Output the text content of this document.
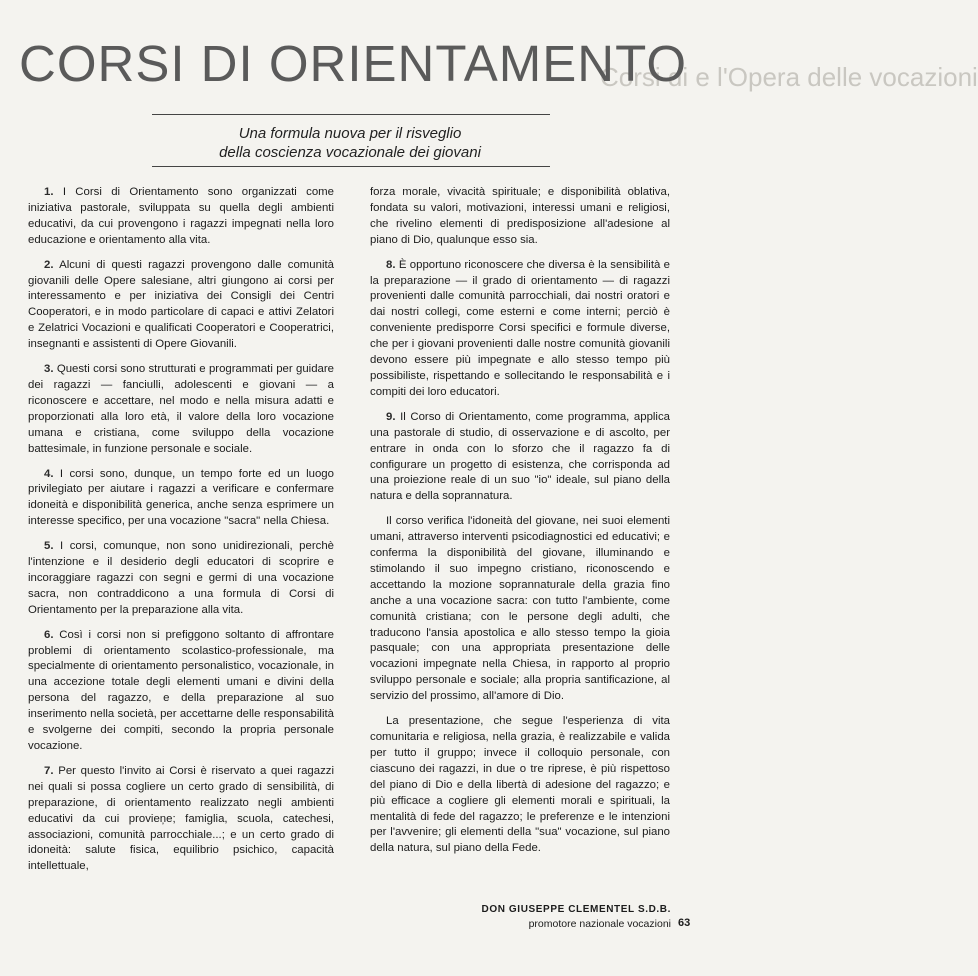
Corsi di e l'Opera delle vocazioni
CORSI DI ORIENTAMENTO
Una formula nuova per il risveglio
della coscienza vocazionale dei giovani

1. I Corsi di Orientamento sono organizzati come iniziativa pastorale, sviluppata su quella degli ambienti educativi, da cui provengono i ragazzi impegnati nella loro educazione e orientamento alla vita.

2. Alcuni di questi ragazzi provengono dalle comunità giovanili delle Opere salesiane, altri giungono ai corsi per interessamento e per iniziativa dei Consigli dei Centri Cooperatori, e in modo particolare di capaci e attivi Zelatori e Zelatrici Vocazioni e qualificati Cooperatori e Cooperatrici, insegnanti e assistenti di Opere Giovanili.

3. Questi corsi sono strutturati e programmati per guidare dei ragazzi — fanciulli, adolescenti e giovani — a riconoscere e accettare, nel modo e nella misura adatti e proporzionati alla loro età, il valore della loro vocazione umana e cristiana, come sviluppo della vocazione battesimale, in funzione personale e sociale.

4. I corsi sono, dunque, un tempo forte ed un luogo privilegiato per aiutare i ragazzi a verificare e confermare idoneità e disponibilità generica, anche senza esprimere un interesse specifico, per una vocazione "sacra" nella Chiesa.

5. I corsi, comunque, non sono unidirezionali, perchè l'intenzione e il desiderio degli educatori di scoprire e incoraggiare ragazzi con segni e germi di una vocazione sacra, non contraddicono a una formula di Corsi di Orientamento per la preparazione alla vita.

6. Così i corsi non si prefiggono soltanto di affrontare problemi di orientamento scolastico-professionale, ma specialmente di orientamento personalistico, vocazionale, in una accezione totale degli elementi umani e divini della persona del ragazzo, e della preparazione al suo inserimento nella società, per accettarne delle responsabilità e svolgerne dei compiti, secondo la propria personale vocazione.

7. Per questo l'invito ai Corsi è riservato a quei ragazzi nei quali si possa cogliere un certo grado di sensibilità, di preparazione, di orientamento realizzato negli ambienti educativi da cui provieņe; famiglia, scuola, catechesi, associazioni, comunità parrocchiale...; e un certo grado di idoneità: salute fisica, equilibrio psichico, capacità intellettuale,

forza morale, vivacità spirituale; e disponibilità oblativa, fondata su valori, motivazioni, interessi umani e religiosi, che rivelino elementi di predisposizione all'adesione al piano di Dio, qualunque esso sia.

8. È opportuno riconoscere che diversa è la sensibilità e la preparazione — il grado di orientamento — di ragazzi provenienti dalle comunità parrocchiali, dai nostri oratori e dai nostri collegi, come esterni e come interni; perciò è conveniente predisporre Corsi specifici e formule diverse, che per i giovani provenienti dalle nostre comunità giovanili devono essere più impegnate e allo stesso tempo più possibiliste, rispettando e sollecitando le responsabilità e i compiti dei loro educatori.

9. Il Corso di Orientamento, come programma, applica una pastorale di studio, di osservazione e di ascolto, per entrare in onda con lo sforzo che il ragazzo fa di configurare un progetto di esistenza, che corrisponda ad una proiezione reale di un suo "io" ideale, sul piano della natura e della soprannatura.

Il corso verifica l'idoneità del giovane, nei suoi elementi umani, attraverso interventi psicodiagnostici ed educativi; e conferma la disponibilità del giovane, illuminando e stimolando il suo impegno cristiano, riconoscendo e accettando la mozione soprannaturale della grazia fino anche a una vocazione sacra: con tutto l'ambiente, come comunità cristiana; con le persone degli adulti, che traducono l'ansia apostolica e allo stesso tempo la gioia pasquale; con una appropriata presentazione delle vocazioni impegnate nella Chiesa, in rapporto al proprio sviluppo personale e sociale; alla propria santificazione, al servizio del prossimo, all'amore di Dio.

La presentazione, che segue l'esperienza di vita comunitaria e religiosa, nella grazia, è realizzabile e valida per tutto il gruppo; invece il colloquio personale, con ciascuno dei ragazzi, in due o tre riprese, è più rispettoso del piano di Dio e della libertà di adesione del ragazzo; e più efficace a cogliere gli elementi morali e spirituali, la mentalità di fede del ragazzo; le preferenze e le intenzioni per l'avvenire; gli elementi della "sua" vocazione, sul piano della natura, sul piano della Fede.

DON GIUSEPPE CLEMENTEL S.D.B.
promotore nazionale vocazioni 63
